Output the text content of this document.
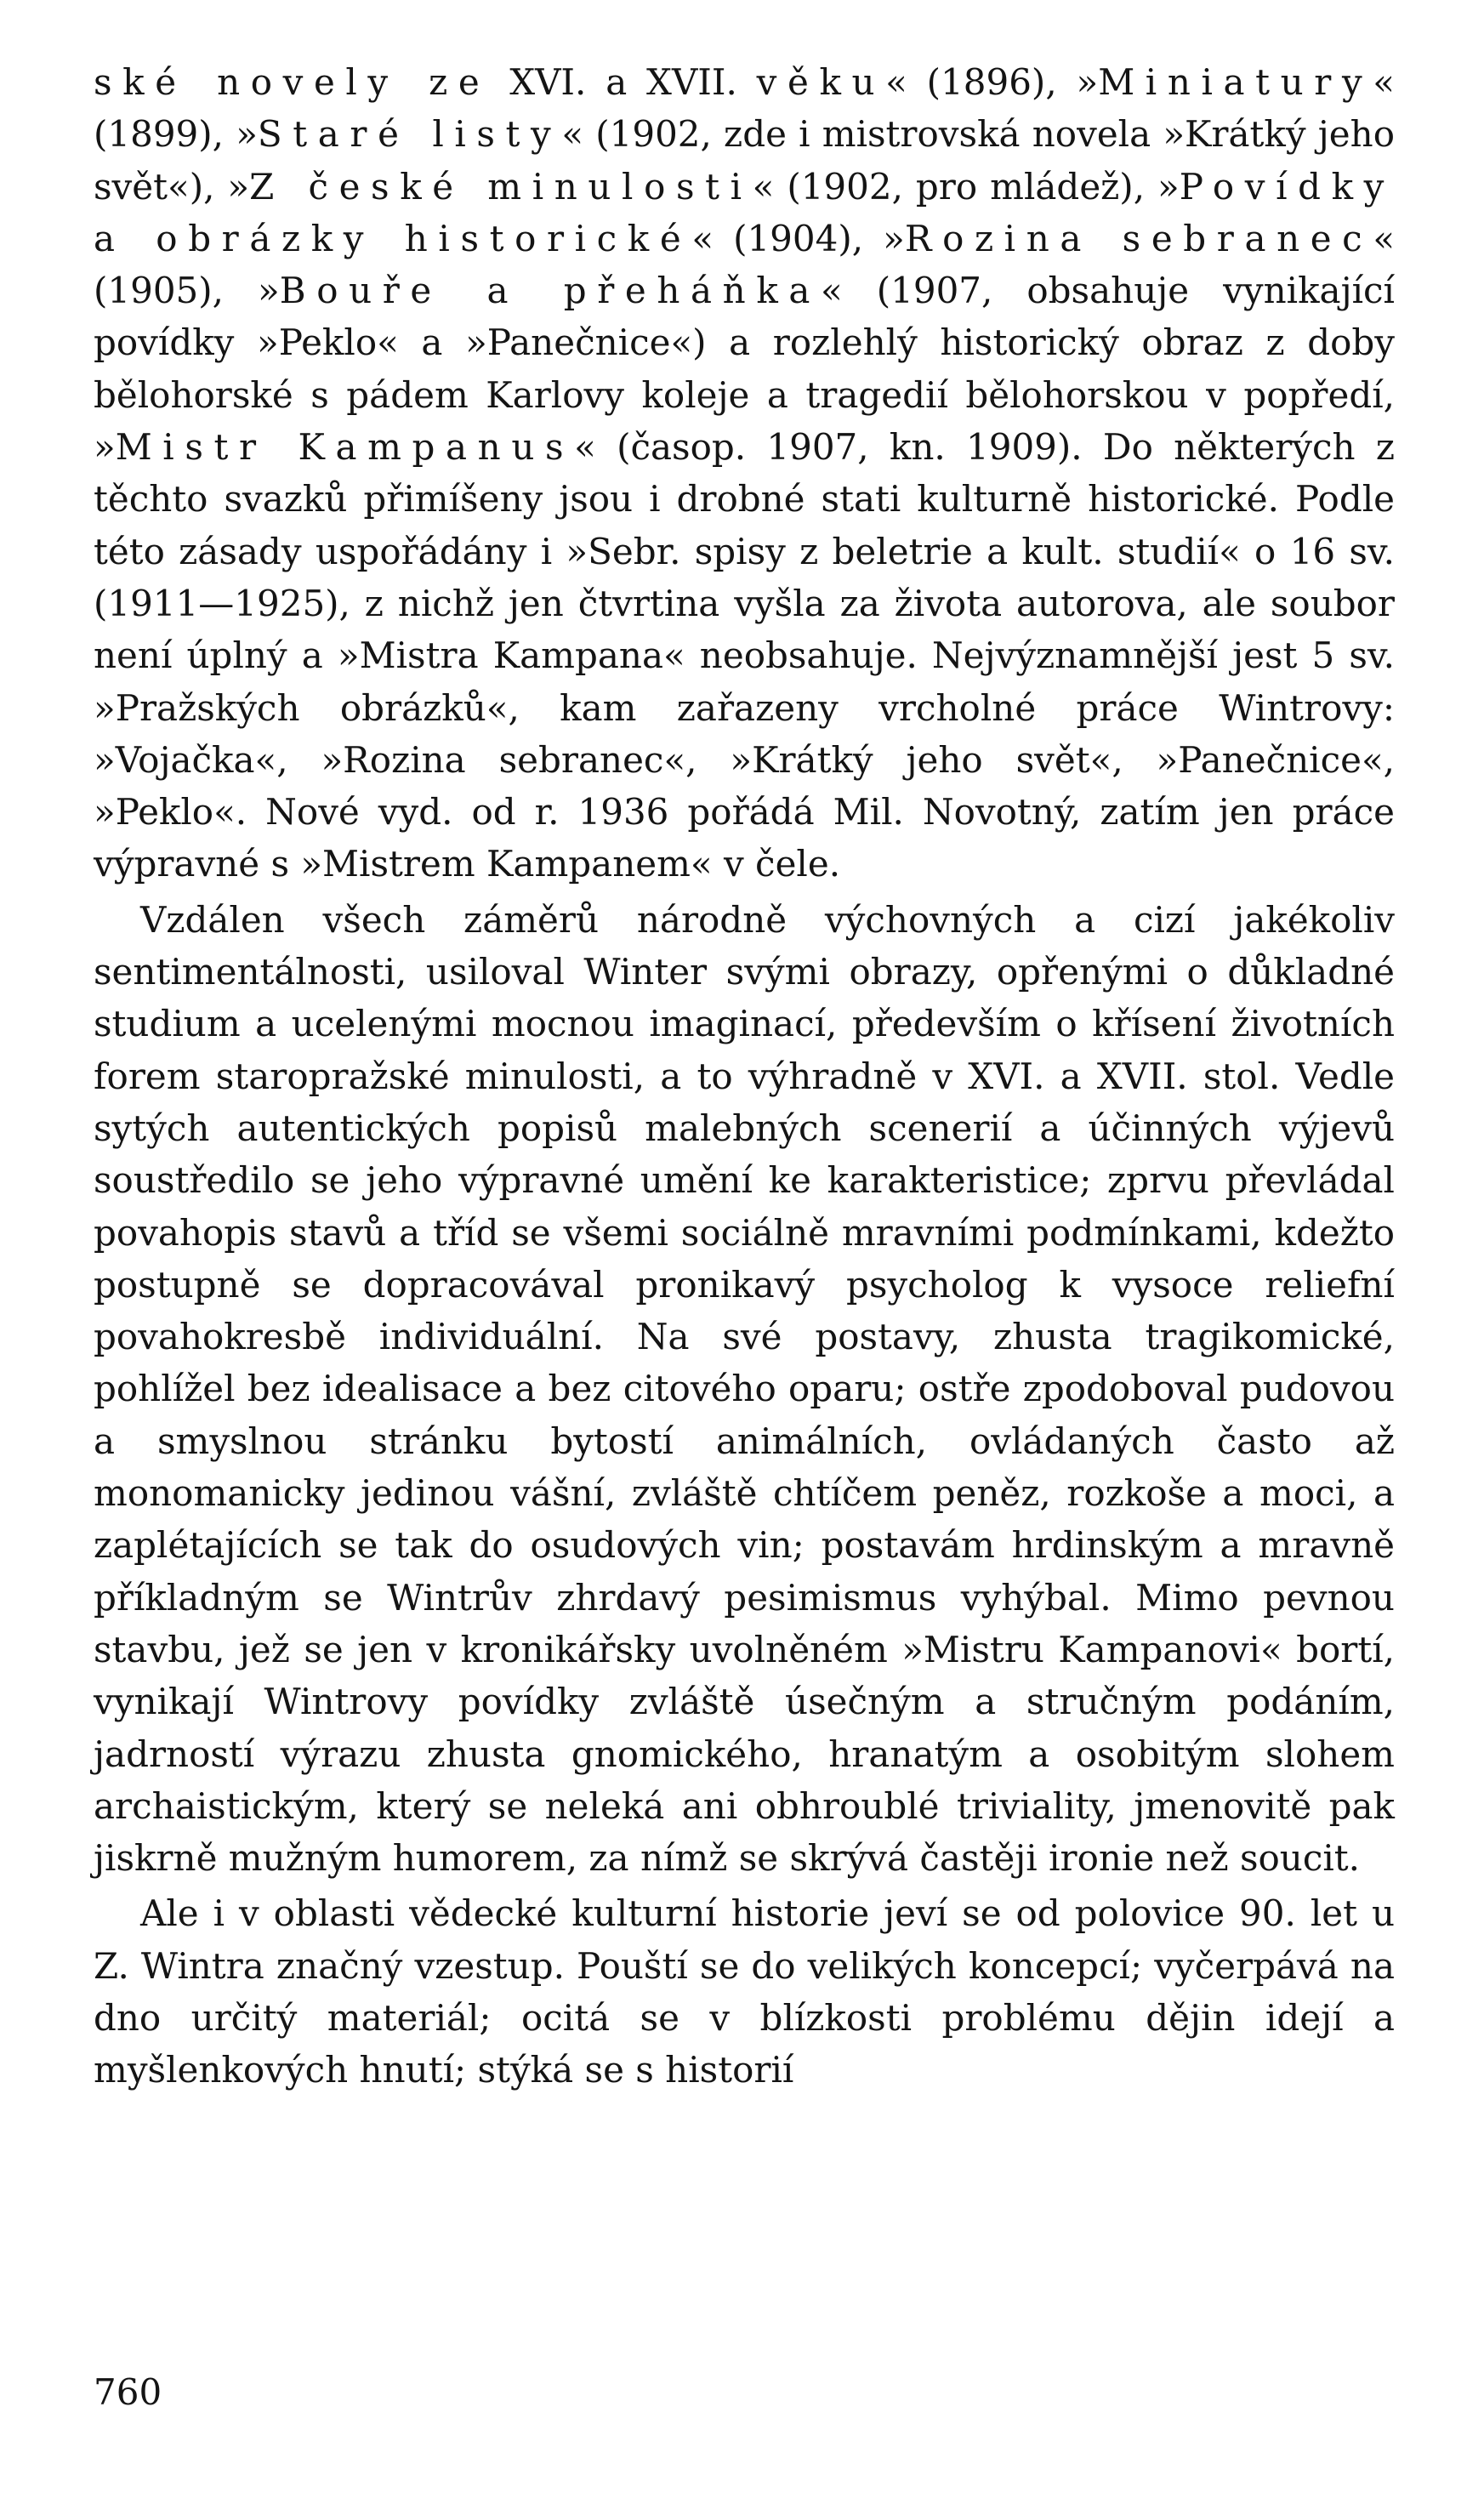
ské novely ze XVI. a XVII. věku« (1896), »Miniatury« (1899), »Staré listy« (1902, zde i mistrovská novela »Krátký jeho svět«), »Z české minulosti« (1902, pro mládež), »Povídky a obrázky historické« (1904), »Rozina sebranec« (1905), »Bouře a přeháňka« (1907, obsahuje vynikající povídky »Peklo« a »Panečnice«) a rozlehlý historický obraz z doby bělohorské s pádem Karlovy koleje a tragedií bělohorskou v popředí, »Mistr Kampanus« (časop. 1907, kn. 1909). Do některých z těchto svazků přimíšeny jsou i drobné stati kulturně historické. Podle této zásady uspořádány i »Sebr. spisy z beletrie a kult. studií« o 16 sv. (1911—1925), z nichž jen čtvrtina vyšla za života autorova, ale soubor není úplný a »Mistra Kampana« neobsahuje. Nejvýznamnější jest 5 sv. »Pražských obrázků«, kam zařazeny vrcholné práce Wintrovy: »Vojačka«, »Rozina sebranec«, »Krátký jeho svět«, »Panečnice«, »Peklo«. Nové vyd. od r. 1936 pořádá Mil. Novotný, zatím jen práce výpravné s »Mistrem Kampanem« v čele.

Vzdálen všech záměrů národně výchovných a cizí jakékoliv sentimentálnosti, usiloval Winter svými obrazy, opřenými o důkladné studium a ucelenými mocnou imaginací, především o křísení životních forem staropražské minulosti, a to výhradně v XVI. a XVII. stol. Vedle sytých autentických popisů malebných scenerií a účinných výjevů soustředilo se jeho výpravné umění ke karakteristice; zprvu převládal povahopis stavů a tříd se všemi sociálně mravními podmínkami, kdežto postupně se dopracovával pronikavý psycholog k vysoce reliefní povahokresbě individuální. Na své postavy, zhusta tragikomické, pohlížel bez idealisace a bez citového oparu; ostře zpodoboval pudovou a smyslnou stránku bytostí animálních, ovládaných často až monomanicky jedinou vášní, zvláště chtíčem peněz, rozkoše a moci, a zaplétajících se tak do osudových vin; postavám hrdinským a mravně příkladným se Wintrův zhrdavý pesimismus vyhýbal. Mimo pevnou stavbu, jež se jen v kronikářsky uvolněném »Mistru Kampanovi« bortí, vynikají Wintrovy povídky zvláště úsečným a stručným podáním, jadrností výrazu zhusta gnomického, hranatým a osobitým slohem archaistickým, který se neleká ani obhroublé triviality, jmenovitě pak jiskrně mužným humorem, za nímž se skrývá častěji ironie než soucit.

Ale i v oblasti vědecké kulturní historie jeví se od polovice 90. let u Z. Wintra značný vzestup. Pouští se do velikých koncepcí; vyčerpává na dno určitý materiál; ocitá se v blízkosti problému dějin idejí a myšlenkových hnutí; stýká se s historií

760
